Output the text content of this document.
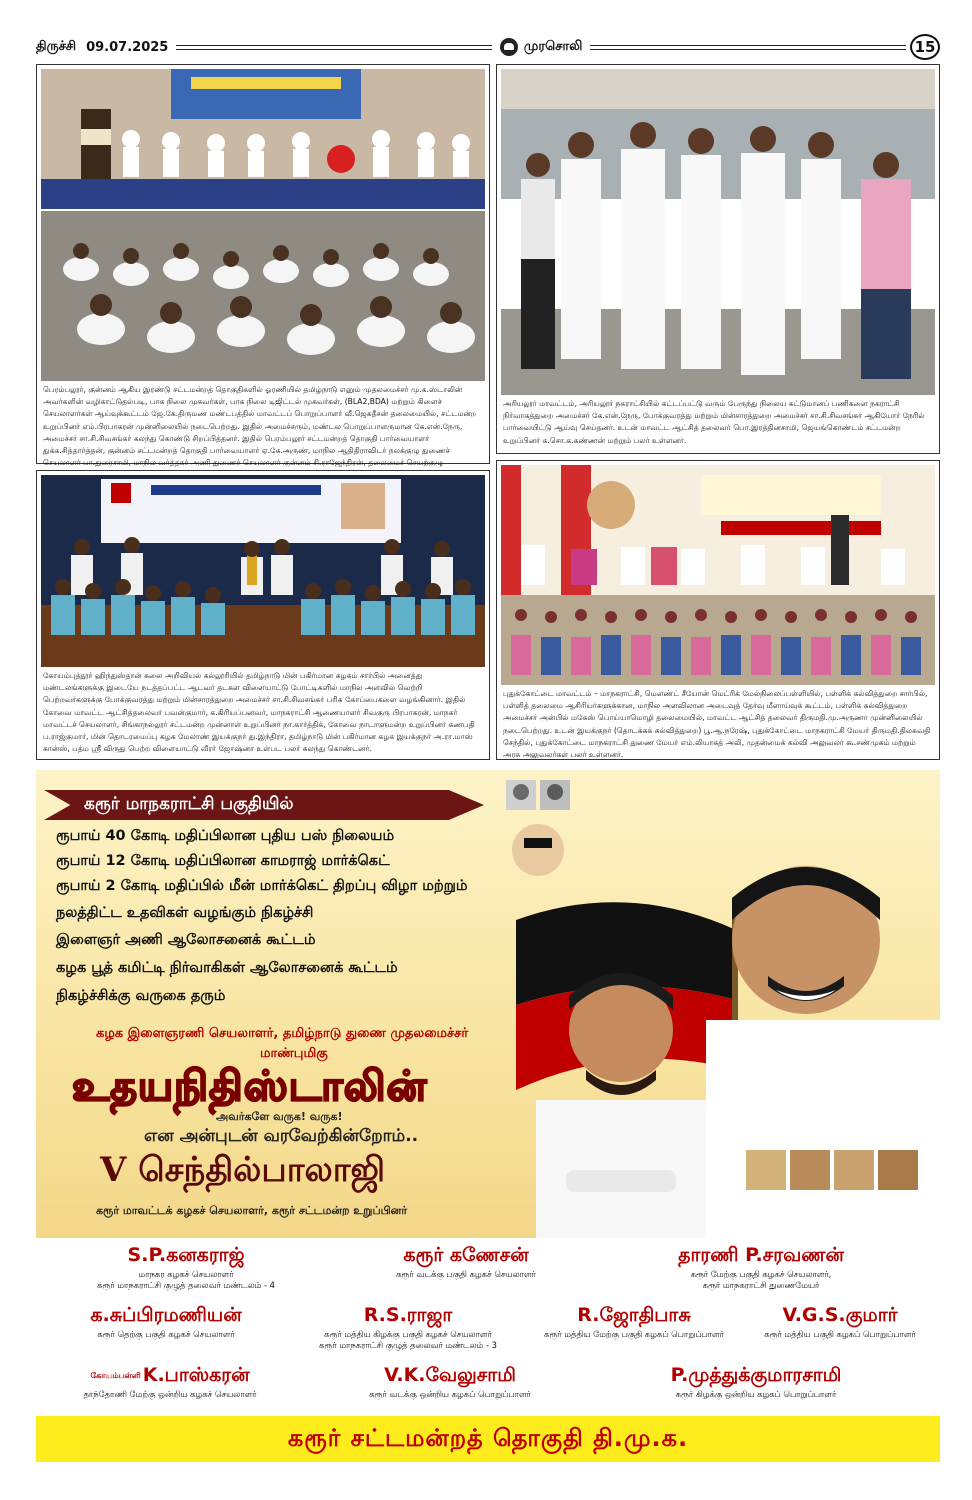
திருச்சி 09.07.2025	முரசொலி	15
பெரம்பலூர், குன்னம் ஆகிய இரண்டு சட்டமன்றத் தொகுதிகளில் ஓரணியில் தமிழ்நாடு எனும் முதலமைச்சர் மு.க.ஸ்டாலின் அவர்களின் வழிகாட்டுதல்படி, பாக நிலை முகவர்கள், பாக நிலை டிஜிட்டல் முகவர்கள், (BLA2,BDA) மற்றும் கிளைச் செயலாளர்கள் ஆய்வுக்கூட்டம் ஜே.கே.திருமண மண்டபத்தில் மாவட்டப் பொறுப்பாளர் வீ.ஜெகதீசன் தலைமையில், சட்டமன்ற உறுப்பினர் எம்.பிரபாகரன் முன்னிலையில் நடைபெற்றது. இதில் அமைச்சரும், மண்டல பொறுப்பாளருமான கே.என்.நேரு, அமைச்சர் சா.சி.சிவசங்கர் கலந்து கொண்டு சிறப்பித்தனர். இதில் பெரம்பலூர் சட்டமன்றத் தொகுதி பார்வையாளர் துக்க.சித்தார்த்தன், குன்னம் சட்டமன்றத் தொகுதி பார்வையாளர் ஏ.கே.அருண், மாநில ஆதிதிராவிடர் நலக்குழு துணைச் செயலாளர் பா.துரைசாமி, மாநில வர்த்தகர் அணி துணைச் செயலாளர் குன்னம் சி.ராஜேந்திரன், தலைமைச் செயற்குழு
அரியலூர் மாவட்டம், அரியலூர் நகராட்சியில் கட்டப்பட்டு வரும் பேருந்து நிலைய கட்டுமானப் பணிகளை நகராட்சி நிர்வாகத்துறை அமைச்சர் கே.என்.நேரு, போக்குவரத்து மற்றும் மின்சாரத்துறை அமைச்சர் சா.சி.சிவசங்கர் ஆகியோர் நேரில் பார்வையிட்டு ஆய்வு செய்தனர். உடன் மாவட்ட ஆட்சித் தலைவர் பொ.இரத்தினசாமி, ஜெயங்கொண்டம் சட்டமன்ற உறுப்பினர் க.சொ.க.கண்ணன் மற்றும் பலர் உள்ளனர்.
கோயம்புத்தூர் ஹிந்துஸ்தான் கலை அறிவியல் கல்லூரியில் தமிழ்நாடு மின் பகிர்மான கழகம் சார்பில் அனைத்து மண்டலங்களுக்கு இடையே நடத்தப்பட்ட ஆடவர் தடகள விளையாட்டு போட்டிகளில் மாநில அளவில் வெற்றி பெற்றவர்களுக்கு போக்குவரத்து மற்றும் மின்சாரத்துறை அமைச்சர் சா.சி.சிவசங்கர் பரிசு கோப்பைகளை வழங்கினார். இதில் கோவை மாவட்ட ஆட்சித்தலைவர் பவன்குமார், க.கிரியப்பனவர், மாநகராட்சி ஆணையாளர் சிவகுரு பிரபாகரன், மாநகர் மாவட்டச் செயலாளர், சிங்காநல்லூர் சட்டமன்ற முன்னாள் உறுப்பினர் நா.கார்த்திக், கோவை நாடாளுமன்ற உறுப்பினர் கணபதி ப.ராஜ்குமார், மின் தொடரமைப்பு கழக மேலாண் இயக்குநர் து.இந்திரா, தமிழ்நாடு மின் பகிர்மான கழக இயக்குநர் அ.ரா.மாஸ் கான்ஸ், பத்ம ஸ்ரீ விருது பெற்ற விளையாட்டு வீரர் ஜோஷ்னா உள்பட பலர் கலந்து கொண்டனர்.
புதுக்கோட்டை மாவட்டம் – மாநகராட்சி, மௌண்ட் சீயோன் மெட்ரிக் மேல்நிலைப்பள்ளியில், பள்ளிக் கல்வித்துறை சார்பில், பள்ளித் தலைமை ஆசிரியர்களுக்கான, மாநில அளவிலான அடைவுத் தேர்வு மீளாய்வுக் கூட்டம், பள்ளிக் கல்வித்துறை அமைச்சர் அன்பில் மகேஸ் பொய்யாமொழி தலைமையில், மாவட்ட ஆட்சித் தலைவர் திருமதி.மு.அருணா முன்னிலையில் நடைபெற்றது. உடன் இயக்குநர் (தொடக்கக் கல்வித்துறை) பூ.ஆ.நரேஷ், புதுக்கோட்டை மாநகராட்சி மேயர் திருமதி.திலகவதி செந்தில், புதுக்கோட்டை மாநகராட்சி துணை மேயர் எம்.லியாகத் அலி, முதன்மைக் கல்வி அலுவலர் கூ.சண்முகம் மற்றும் அரசு அலுவலர்கள் பலர் உள்ளனர்.
கரூர் மாநகராட்சி பகுதியில்
ரூபாய் 40 கோடி மதிப்பிலான புதிய பஸ் நிலையம்
ரூபாய் 12 கோடி மதிப்பிலான காமராஜ் மார்க்கெட்
ரூபாய் 2 கோடி மதிப்பில் மீன் மார்க்கெட் திறப்பு விழா மற்றும்
நலத்திட்ட உதவிகள் வழங்கும் நிகழ்ச்சி
இளைஞர் அணி ஆலோசனைக் கூட்டம்
கழக பூத் கமிட்டி நிர்வாகிகள் ஆலோசனைக் கூட்டம்
நிகழ்ச்சிக்கு வருகை தரும்
கழக இளைஞரணி செயலாளர், தமிழ்நாடு துணை முதலமைச்சர்
மாண்புமிகு
உதயநிதிஸ்டாலின்
அவர்களே வருக! வருக!
என அன்புடன் வரவேற்கின்றோம்..
V செந்தில்பாலாஜி
கரூர் மாவட்டக் கழகச் செயலாளர், கரூர் சட்டமன்ற உறுப்பினர்
S.P.கனகராஜ்
மாநகர கழகச் செயலாளர்
கரூர் மாநகராட்சி குழுத் தலைவர் மண்டலம் - 4
கரூர் கணேசன்
கரூர் வடக்கு பகுதி கழகச் செயலாளர்
தாரணி P.சரவணன்
கரூர் மேற்கு பகுதி கழகச் செயலாளர்,
கரூர் மாநகராட்சி துணைமேயர்
க.சுப்பிரமணியன்
கரூர் தெற்கு பகுதி கழகச் செயலாளர்
R.S.ராஜா
கரூர் மத்திய கிழக்கு பகுதி கழகச் செயலாளர்
கரூர் மாநகராட்சி குழுத் தலைவர் மண்டலம் - 3
R.ஜோதிபாசு
கரூர் மத்திய மேற்கு பகுதி கழகப் பொறுப்பாளர்
V.G.S.குமார்
கரூர் மத்திய பகுதி கழகப் பொறுப்பாளர்
கோயம்பள்ளி K.பாஸ்கரன்
தாந்தோணி மேற்கு ஒன்றிய கழகச் செயலாளர்
V.K.வேலுசாமி
கரூர் வடக்கு ஒன்றிய கழகப் பொறுப்பாளர்
P.முத்துக்குமாரசாமி
கரூர் கிழக்கு ஒன்றிய கழகப் பொறுப்பாளர்
கரூர் சட்டமன்றத் தொகுதி தி.மு.க.
